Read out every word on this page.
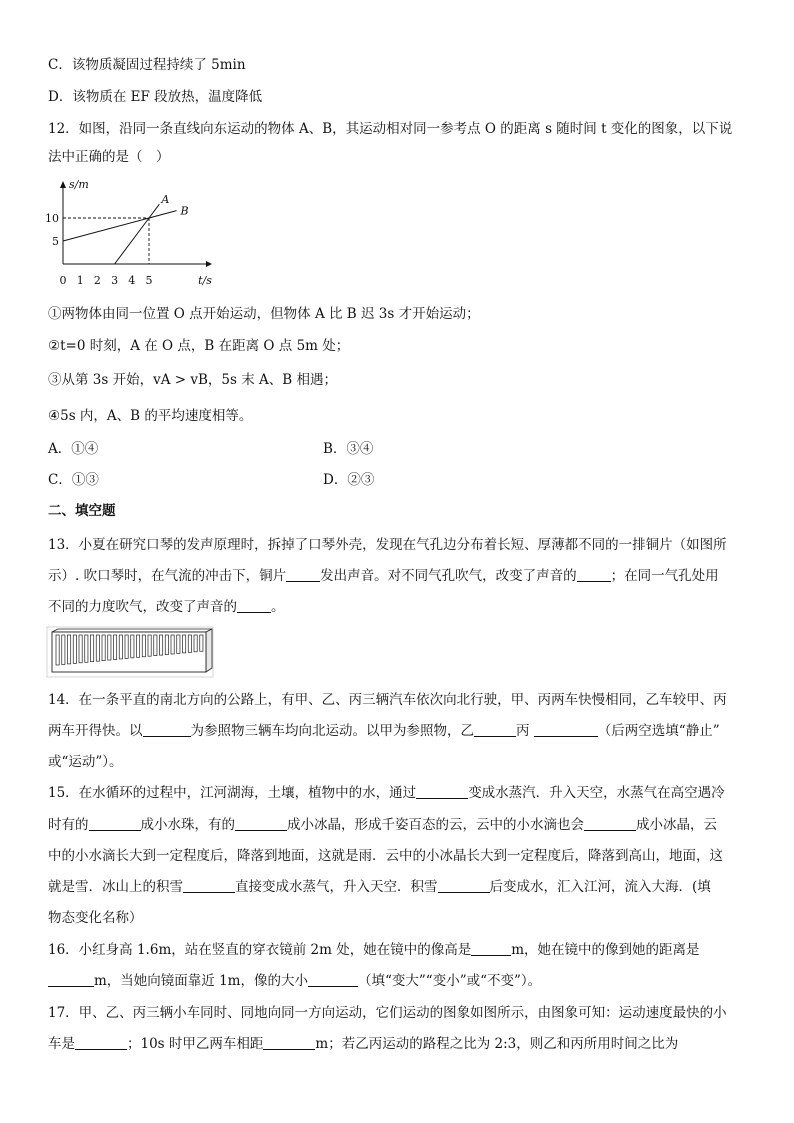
C．该物质凝固过程持续了 5min
D．该物质在 EF 段放热，温度降低
12．如图，沿同一条直线向东运动的物体 A、B，其运动相对同一参考点 O 的距离 s 随时间 t 变化的图象，以下说
法中正确的是（　）
s/m
t/s
0 1 2 3 4 5
5
10
A
B
①两物体由同一位置 O 点开始运动，但物体 A 比 B 迟 3s 才开始运动；
②t=0 时刻，A 在 O 点，B 在距离 O 点 5m 处；
③从第 3s 开始，vA > vB，5s 末 A、B 相遇；
④5s 内，A、B 的平均速度相等。
A．①④	B．③④
C．①③	D．②③
二、填空题
13．小夏在研究口琴的发声原理时，拆掉了口琴外壳，发现在气孔边分布着长短、厚薄都不同的一排铜片（如图所
示）. 吹口琴时，在气流的冲击下，铜片	发出声音。对不同气孔吹气，改变了声音的	；在同一气孔处用
不同的力度吹气，改变了声音的	。
14．在一条平直的南北方向的公路上，有甲、乙、丙三辆汽车依次向北行驶，甲、丙两车快慢相同，乙车较甲、丙
两车开得快。以	为参照物三辆车均向北运动。以甲为参照物，乙	丙	（后两空选填“静止”
或“运动”）。
15．在水循环的过程中，江河湖海，土壤，植物中的水，通过	变成水蒸汽．升入天空，水蒸气在高空遇冷
时有的	成小水珠，有的	成小冰晶，形成千姿百态的云，云中的小水滴也会	成小冰晶，云
中的小水滴长大到一定程度后，降落到地面，这就是雨．云中的小冰晶长大到一定程度后，降落到高山，地面，这
就是雪．冰山上的积雪	直接变成水蒸气，升入天空．积雪	后变成水，汇入江河，流入大海．(填
物态变化名称）
16．小红身高 1.6m，站在竖直的穿衣镜前 2m 处，她在镜中的像高是	m，她在镜中的像到她的距离是
m，当她向镜面靠近 1m，像的大小	（填“变大”“变小”或“不变”）。
17．甲、乙、丙三辆小车同时、同地向同一方向运动，它们运动的图象如图所示，由图象可知：运动速度最快的小
车是	；10s 时甲乙两车相距	m；若乙丙运动的路程之比为 2:3，则乙和丙所用时间之比为
